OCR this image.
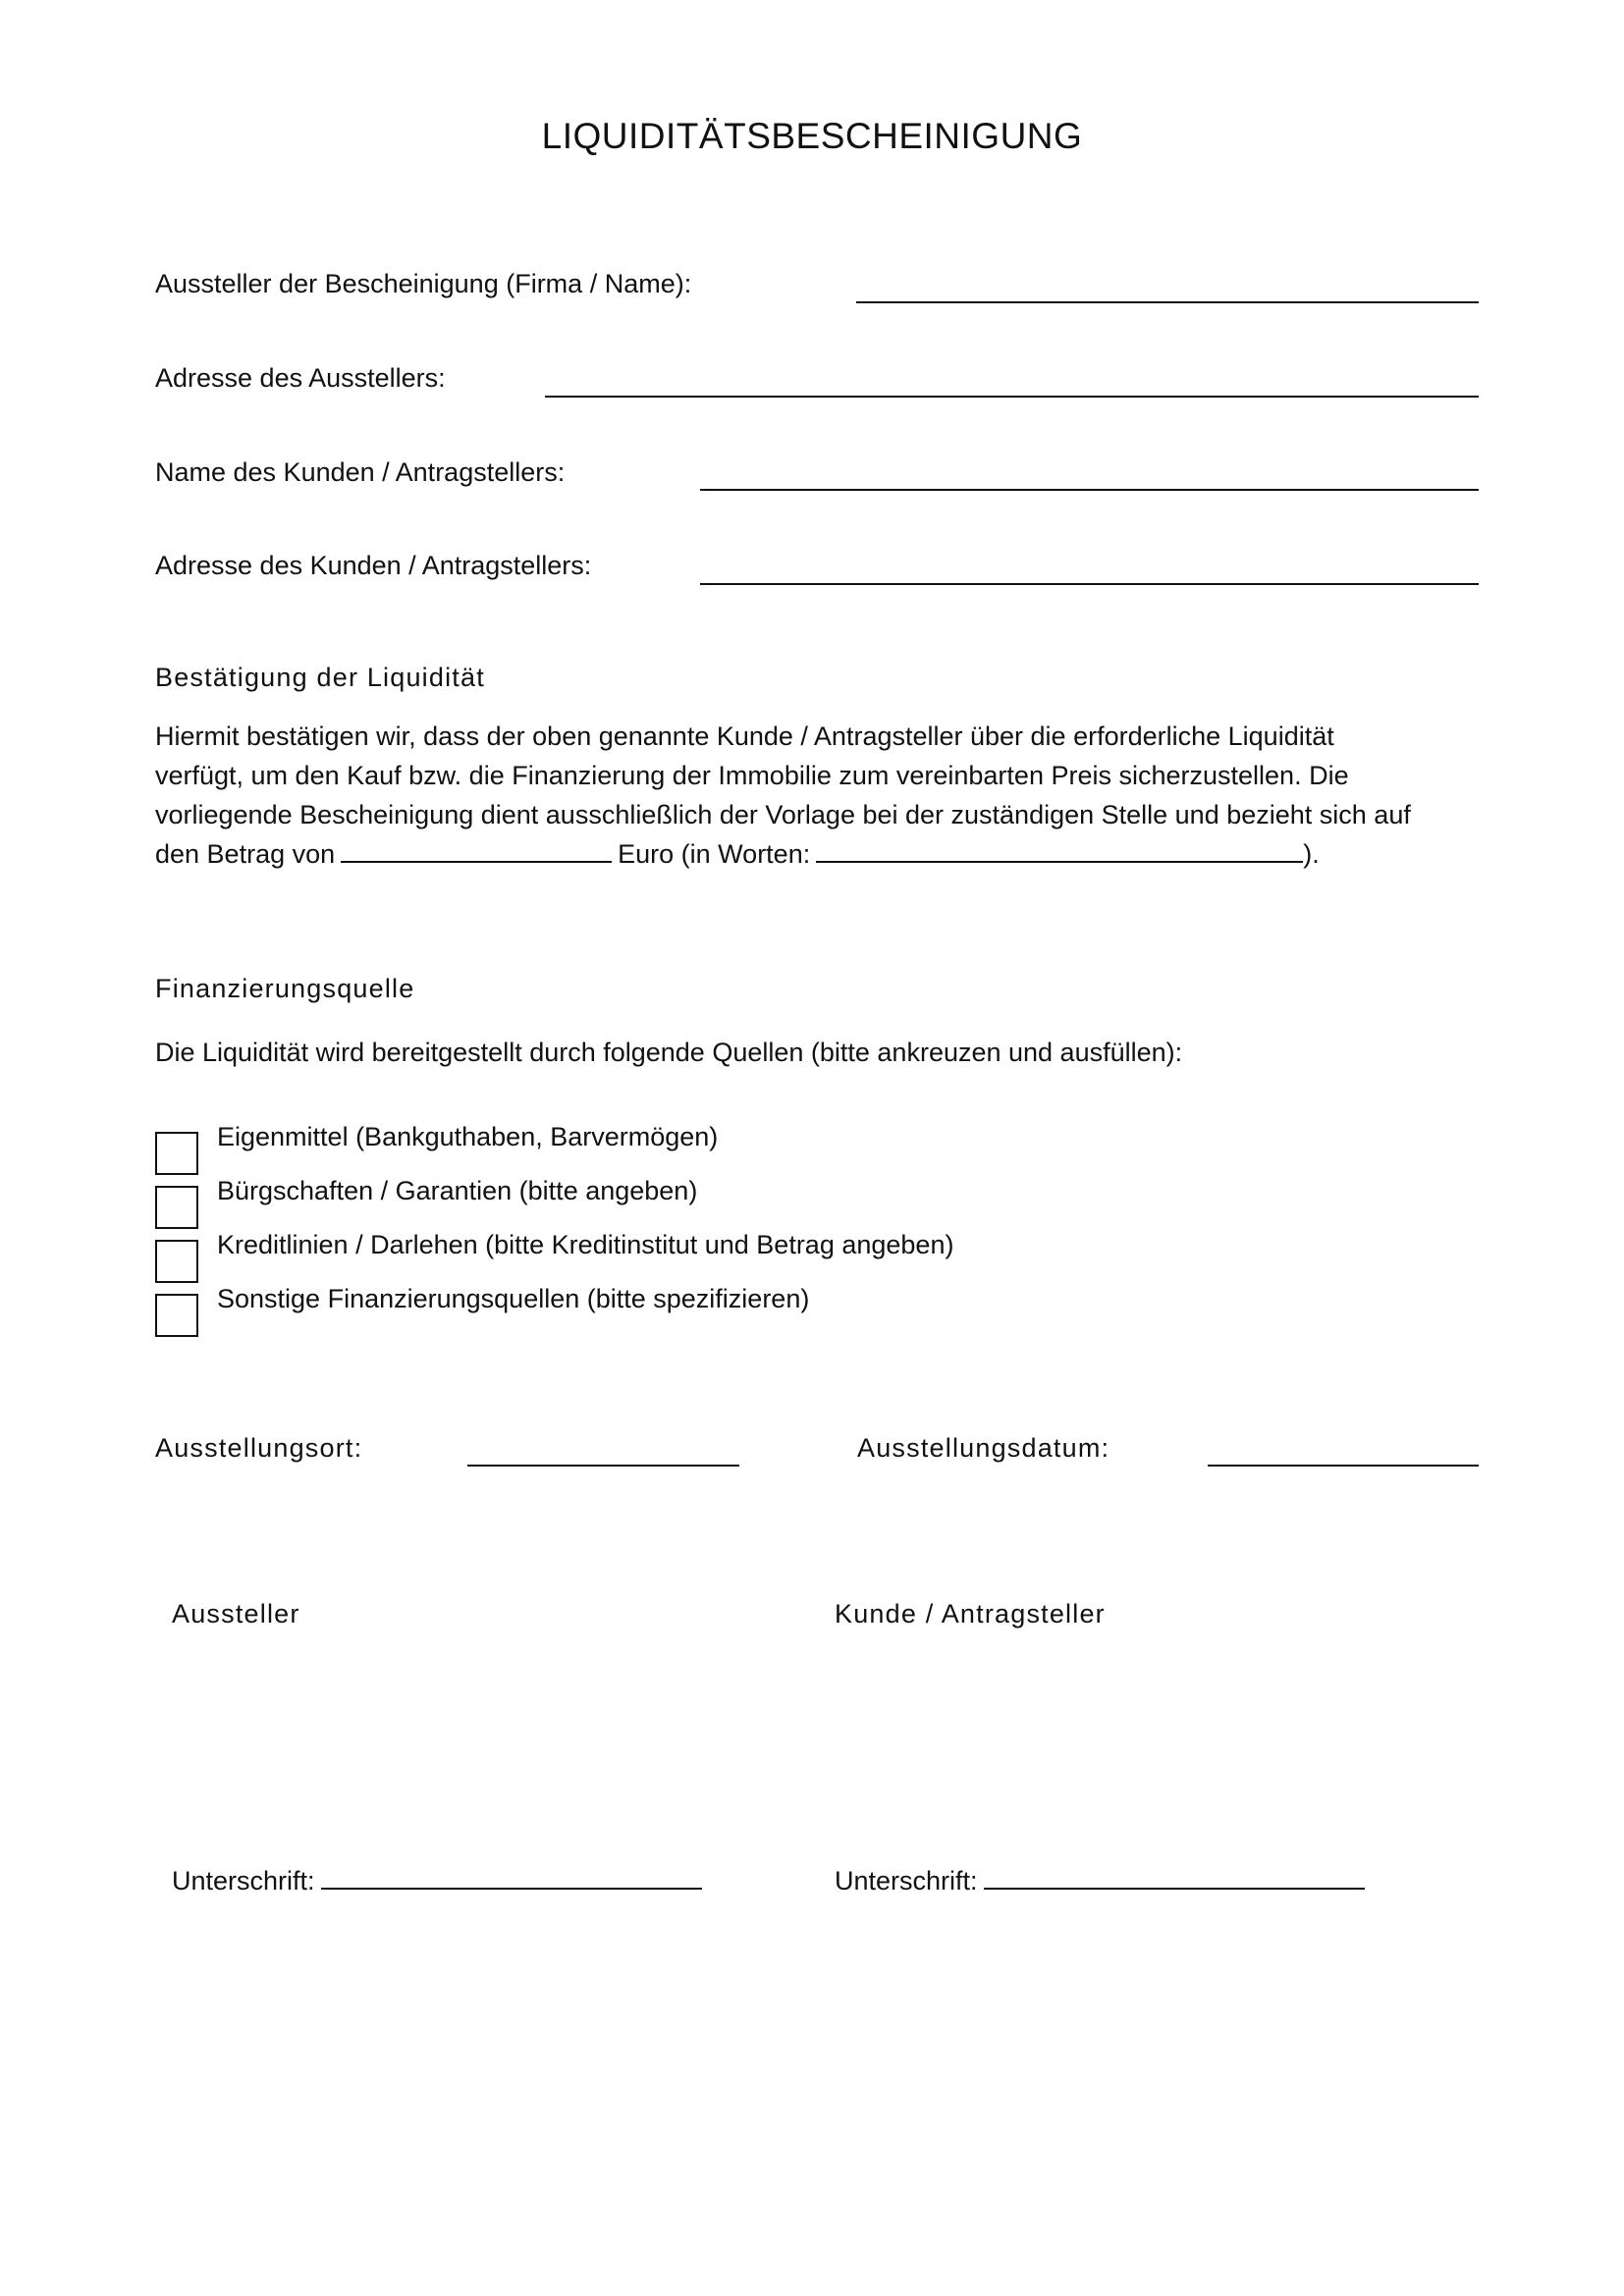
LIQUIDITÄTSBESCHEINIGUNG
Aussteller der Bescheinigung (Firma / Name):
Adresse des Ausstellers:
Name des Kunden / Antragstellers:
Adresse des Kunden / Antragstellers:
Bestätigung der Liquidität
Hiermit bestätigen wir, dass der oben genannte Kunde / Antragsteller über die erforderliche Liquidität
verfügt, um den Kauf bzw. die Finanzierung der Immobilie zum vereinbarten Preis sicherzustellen. Die
vorliegende Bescheinigung dient ausschließlich der Vorlage bei der zuständigen Stelle und bezieht sich auf
den Betrag von	Euro (in Worten:	).
Finanzierungsquelle
Die Liquidität wird bereitgestellt durch folgende Quellen (bitte ankreuzen und ausfüllen):
Eigenmittel (Bankguthaben, Barvermögen)
Bürgschaften / Garantien (bitte angeben)
Kreditlinien / Darlehen (bitte Kreditinstitut und Betrag angeben)
Sonstige Finanzierungsquellen (bitte spezifizieren)
Ausstellungsort:	Ausstellungsdatum:
Aussteller	Kunde / Antragsteller
Unterschrift:	Unterschrift:
